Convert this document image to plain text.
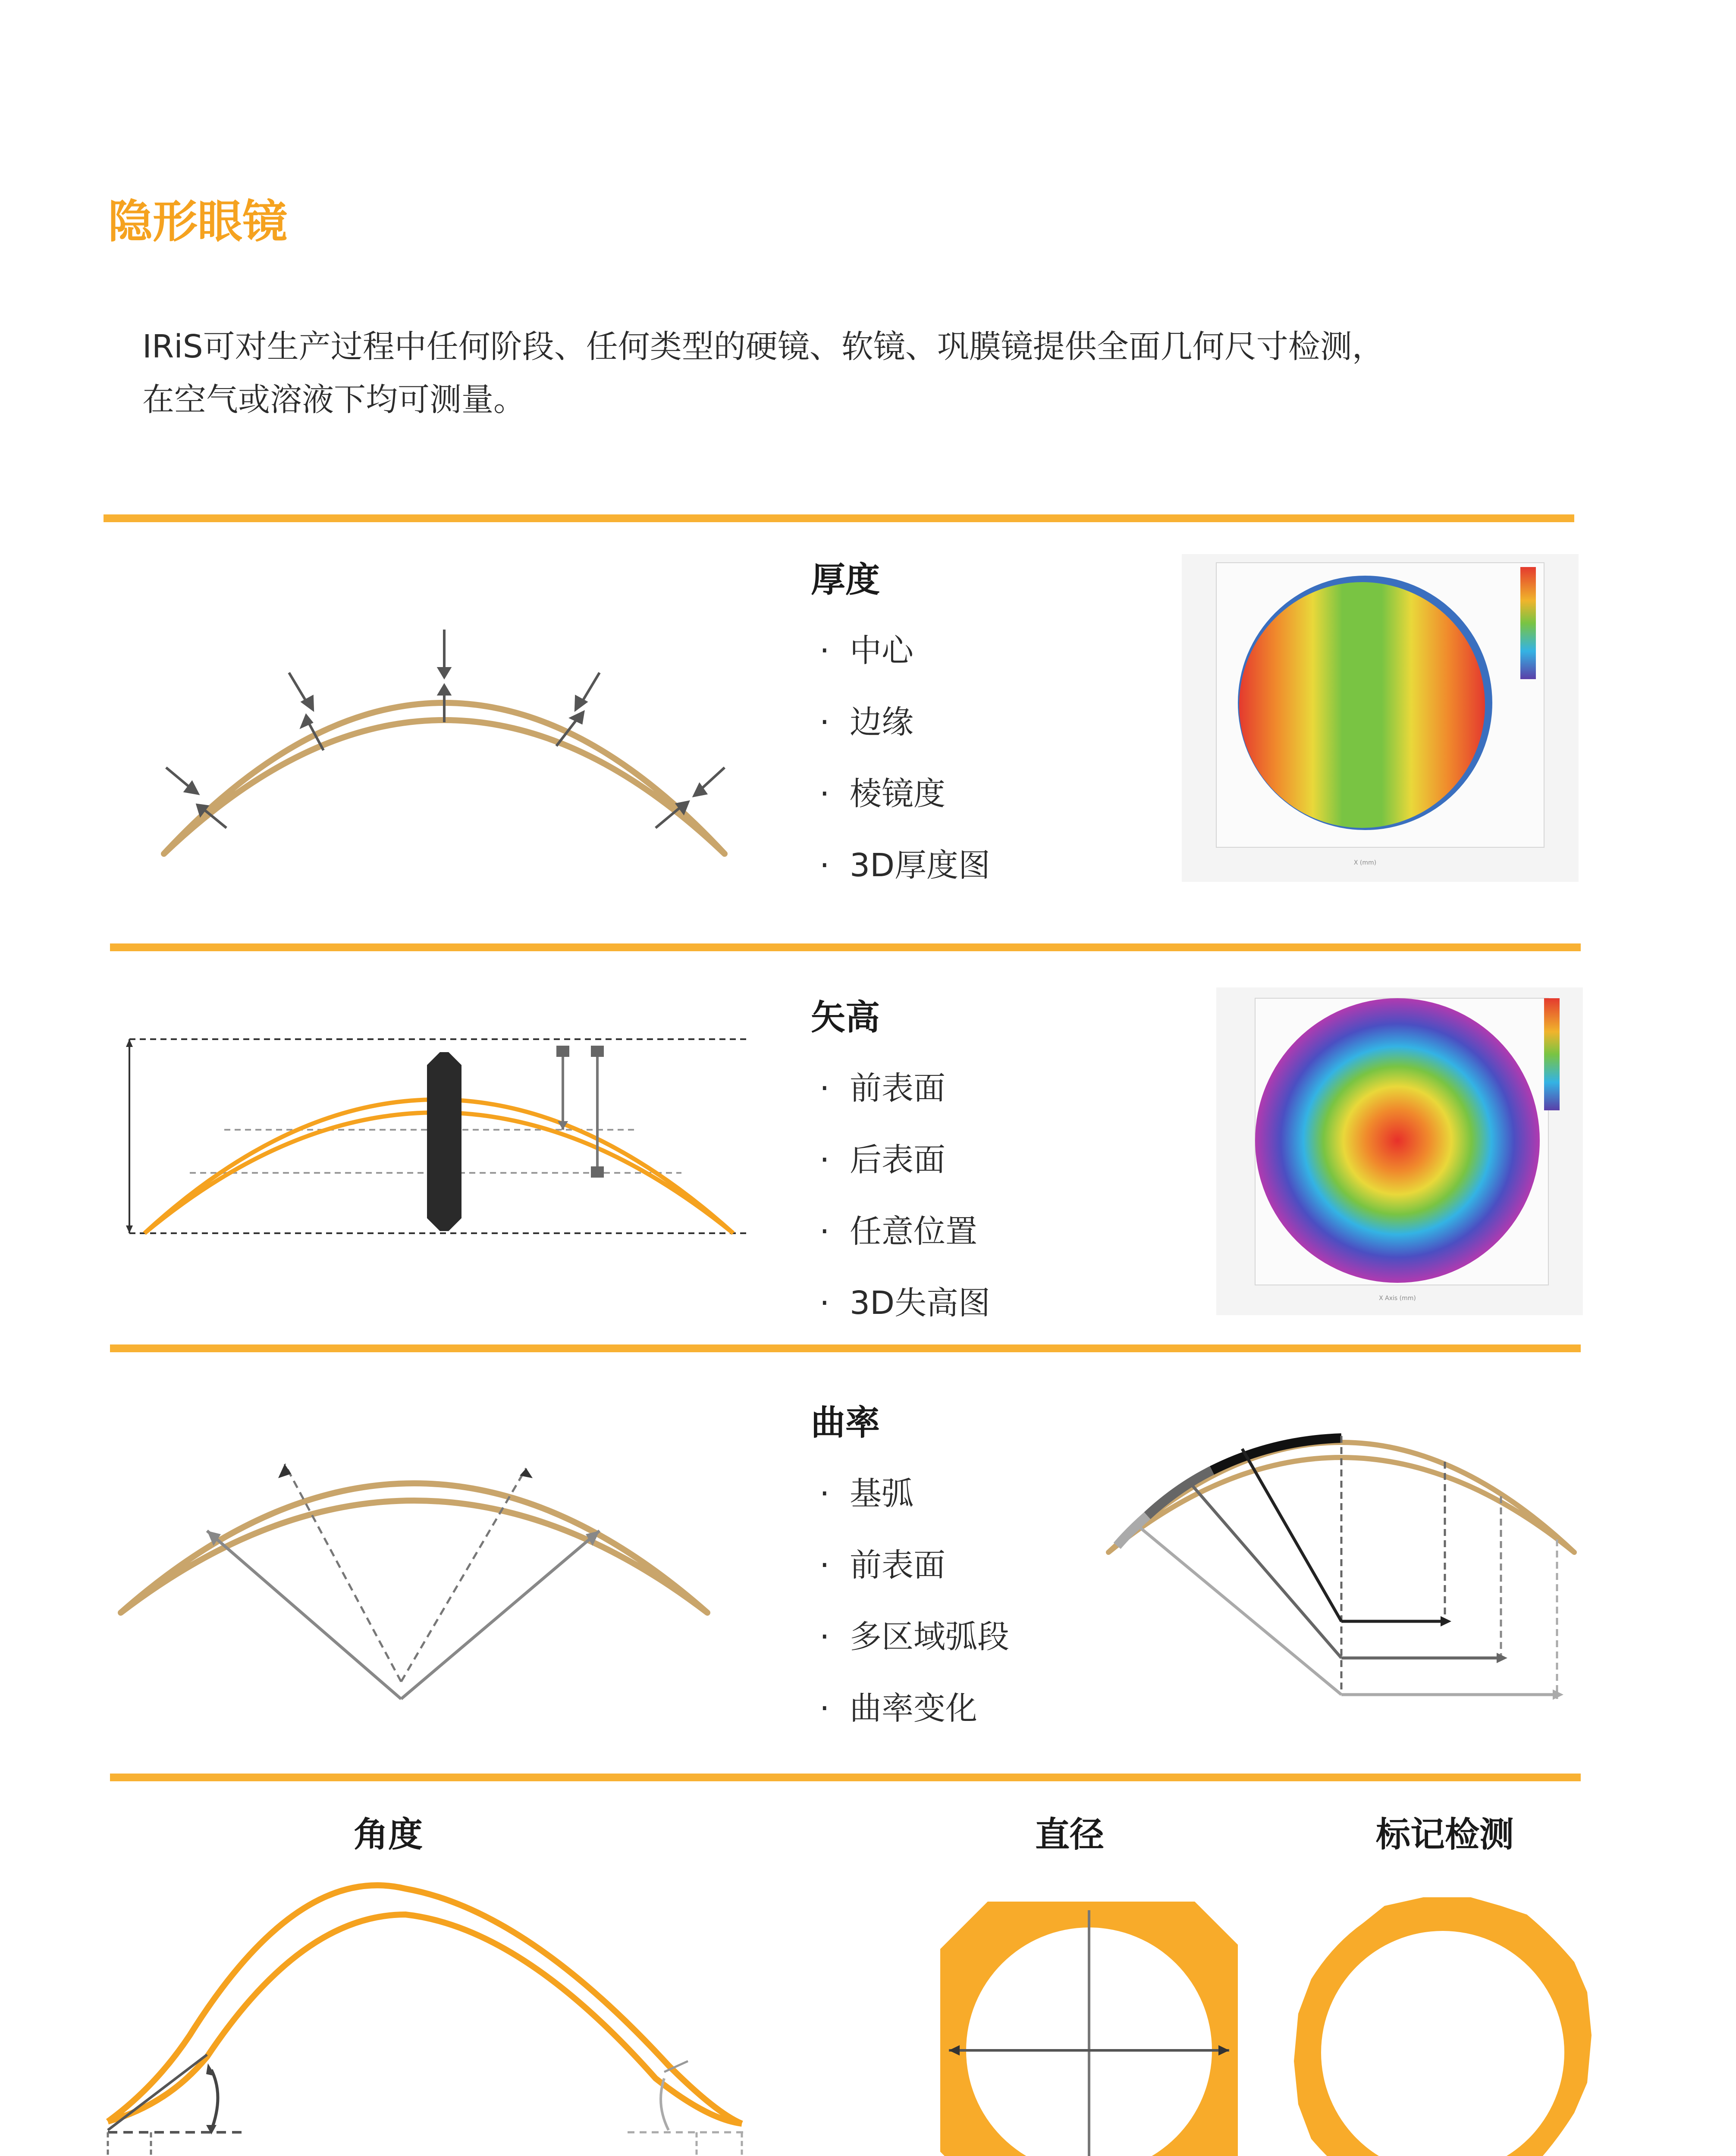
隐形眼镜
IRiS可对生产过程中任何阶段、任何类型的硬镜、软镜、巩膜镜提供全面几何尺寸检测，
在空气或溶液下均可测量。
厚度
· 中心
· 边缘
· 棱镜度
· 3D厚度图	X (mm)
矢高
· 前表面
· 后表面
· 任意位置
· 3D失高图	X Axis (mm)
曲率
· 基弧
· 前表面
· 多区域弧段
· 曲率变化
角度	直径	标记检测
